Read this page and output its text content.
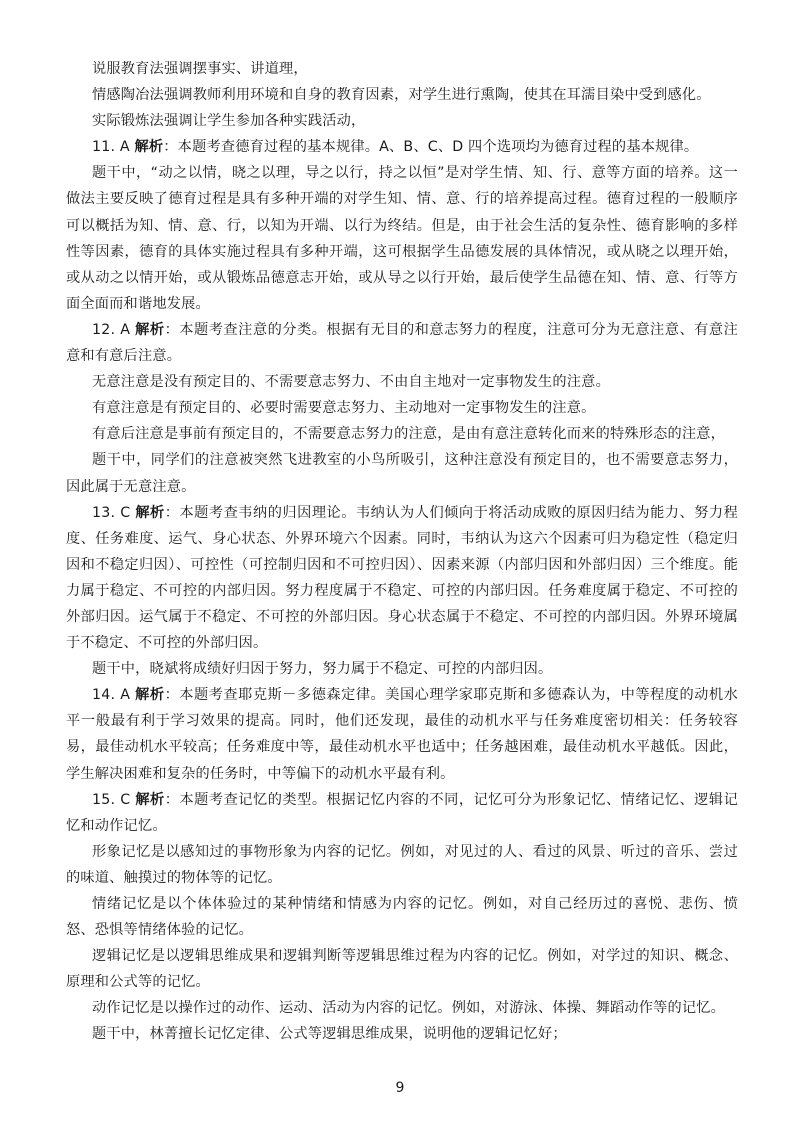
说服教育法强调摆事实、讲道理，

情感陶冶法强调教师利用环境和自身的教育因素，对学生进行熏陶，使其在耳濡目染中受到感化。

实际锻炼法强调让学生参加各种实践活动，

11. A 解析：本题考查德育过程的基本规律。A、B、C、D 四个选项均为德育过程的基本规律。

题干中，“动之以情，晓之以理，导之以行，持之以恒”是对学生情、知、行、意等方面的培养。这一做法主要反映了德育过程是具有多种开端的对学生知、情、意、行的培养提高过程。德育过程的一般顺序可以概括为知、情、意、行，以知为开端、以行为终结。但是，由于社会生活的复杂性、德育影响的多样性等因素，德育的具体实施过程具有多种开端，这可根据学生品德发展的具体情况，或从晓之以理开始，或从动之以情开始，或从锻炼品德意志开始，或从导之以行开始，最后使学生品德在知、情、意、行等方面全面而和谐地发展。

12. A 解析：本题考查注意的分类。根据有无目的和意志努力的程度，注意可分为无意注意、有意注意和有意后注意。

无意注意是没有预定目的、不需要意志努力、不由自主地对一定事物发生的注意。

有意注意是有预定目的、必要时需要意志努力、主动地对一定事物发生的注意。

有意后注意是事前有预定目的，不需要意志努力的注意，是由有意注意转化而来的特殊形态的注意，

题干中，同学们的注意被突然飞进教室的小鸟所吸引，这种注意没有预定目的，也不需要意志努力，因此属于无意注意。

13. C 解析：本题考查韦纳的归因理论。韦纳认为人们倾向于将活动成败的原因归结为能力、努力程度、任务难度、运气、身心状态、外界环境六个因素。同时，韦纳认为这六个因素可归为稳定性（稳定归因和不稳定归因）、可控性（可控制归因和不可控归因）、因素来源（内部归因和外部归因）三个维度。能力属于稳定、不可控的内部归因。努力程度属于不稳定、可控的内部归因。任务难度属于稳定、不可控的外部归因。运气属于不稳定、不可控的外部归因。身心状态属于不稳定、不可控的内部归因。外界环境属于不稳定、不可控的外部归因。

题干中，晓斌将成绩好归因于努力，努力属于不稳定、可控的内部归因。

14. A 解析：本题考查耶克斯－多德森定律。美国心理学家耶克斯和多德森认为，中等程度的动机水平一般最有利于学习效果的提高。同时，他们还发现，最佳的动机水平与任务难度密切相关：任务较容易，最佳动机水平较高；任务难度中等，最佳动机水平也适中；任务越困难，最佳动机水平越低。因此，学生解决困难和复杂的任务时，中等偏下的动机水平最有利。

15. C 解析：本题考查记忆的类型。根据记忆内容的不同，记忆可分为形象记忆、情绪记忆、逻辑记忆和动作记忆。

形象记忆是以感知过的事物形象为内容的记忆。例如，对见过的人、看过的风景、听过的音乐、尝过的味道、触摸过的物体等的记忆。

情绪记忆是以个体体验过的某种情绪和情感为内容的记忆。例如，对自己经历过的喜悦、悲伤、愤怒、恐惧等情绪体验的记忆。

逻辑记忆是以逻辑思维成果和逻辑判断等逻辑思维过程为内容的记忆。例如，对学过的知识、概念、原理和公式等的记忆。

动作记忆是以操作过的动作、运动、活动为内容的记忆。例如，对游泳、体操、舞蹈动作等的记忆。

题干中，林菁擅长记忆定律、公式等逻辑思维成果，说明他的逻辑记忆好；

9
